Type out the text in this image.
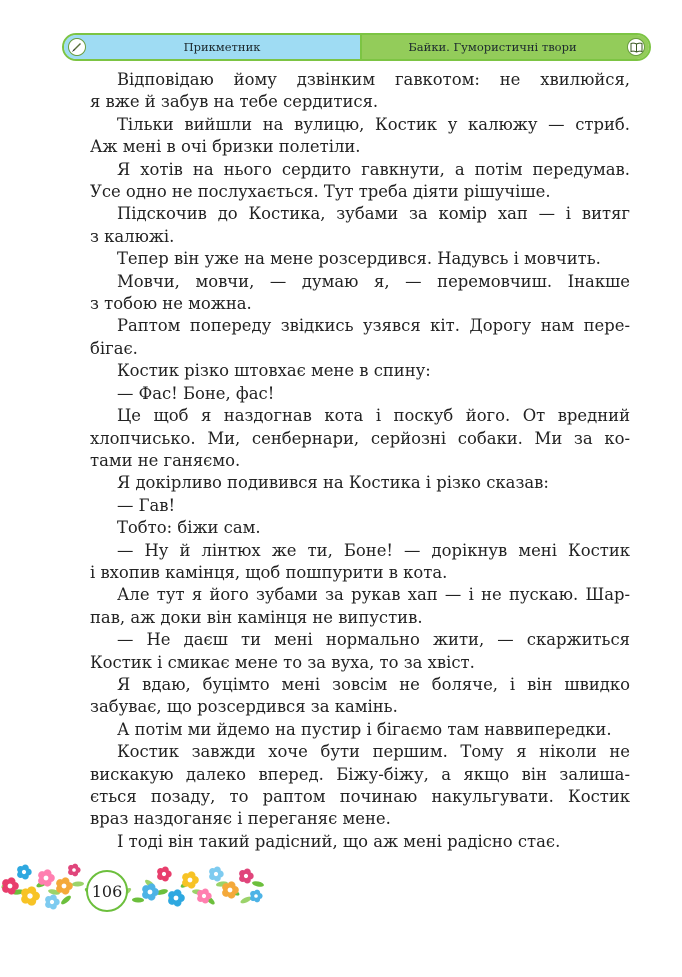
Прикметник	Байки. Гумористичні твори

Відповідаю йому дзвінким гавкотом: не хвилюйся,
я вже й забув на тебе сердитися.

Тільки вийшли на вулицю, Костик у калюжу — стриб.
Аж мені в очі бризки полетіли.

Я хотів на нього сердито гавкнути, а потім передумав.
Усе одно не послухається. Тут треба діяти рішучіше.

Підскочив до Костика, зубами за комір хап — і витяг
з калюжі.

Тепер він уже на мене розсердився. Надувсь і мовчить.

Мовчи, мовчи, — думаю я, — перемовчиш. Інакше
з тобою не можна.

Раптом попереду звідкись узявся кіт. Дорогу нам пере-
бігає.

Костик різко штовхає мене в спину:

— Фас! Боне, фас!

Це щоб я наздогнав кота і поскуб його. От вредний
хлопчисько. Ми, сенбернари, серйозні собаки. Ми за ко-
тами не ганяємо.

Я докірливо подивився на Костика і різко сказав:

— Гав!

Тобто: біжи сам.

— Ну й лінтюх же ти, Боне! — дорікнув мені Костик
і вхопив камінця, щоб пошпурити в кота.

Але тут я його зубами за рукав хап — і не пускаю. Шар-
пав, аж доки він камінця не випустив.

— Не даєш ти мені нормально жити, — скаржиться
Костик і смикає мене то за вуха, то за хвіст.

Я вдаю, буцімто мені зовсім не боляче, і він швидко
забуває, що розсердився за камінь.

А потім ми йдемо на пустир і бігаємо там наввипередки.

Костик завжди хоче бути першим. Тому я ніколи не
вискакую далеко вперед. Біжу-біжу, а якщо він залиша-
ється позаду, то раптом починаю накульгувати. Костик
враз наздоганяє і переганяє мене.

І тоді він такий радісний, що аж мені радісно стає.

106
